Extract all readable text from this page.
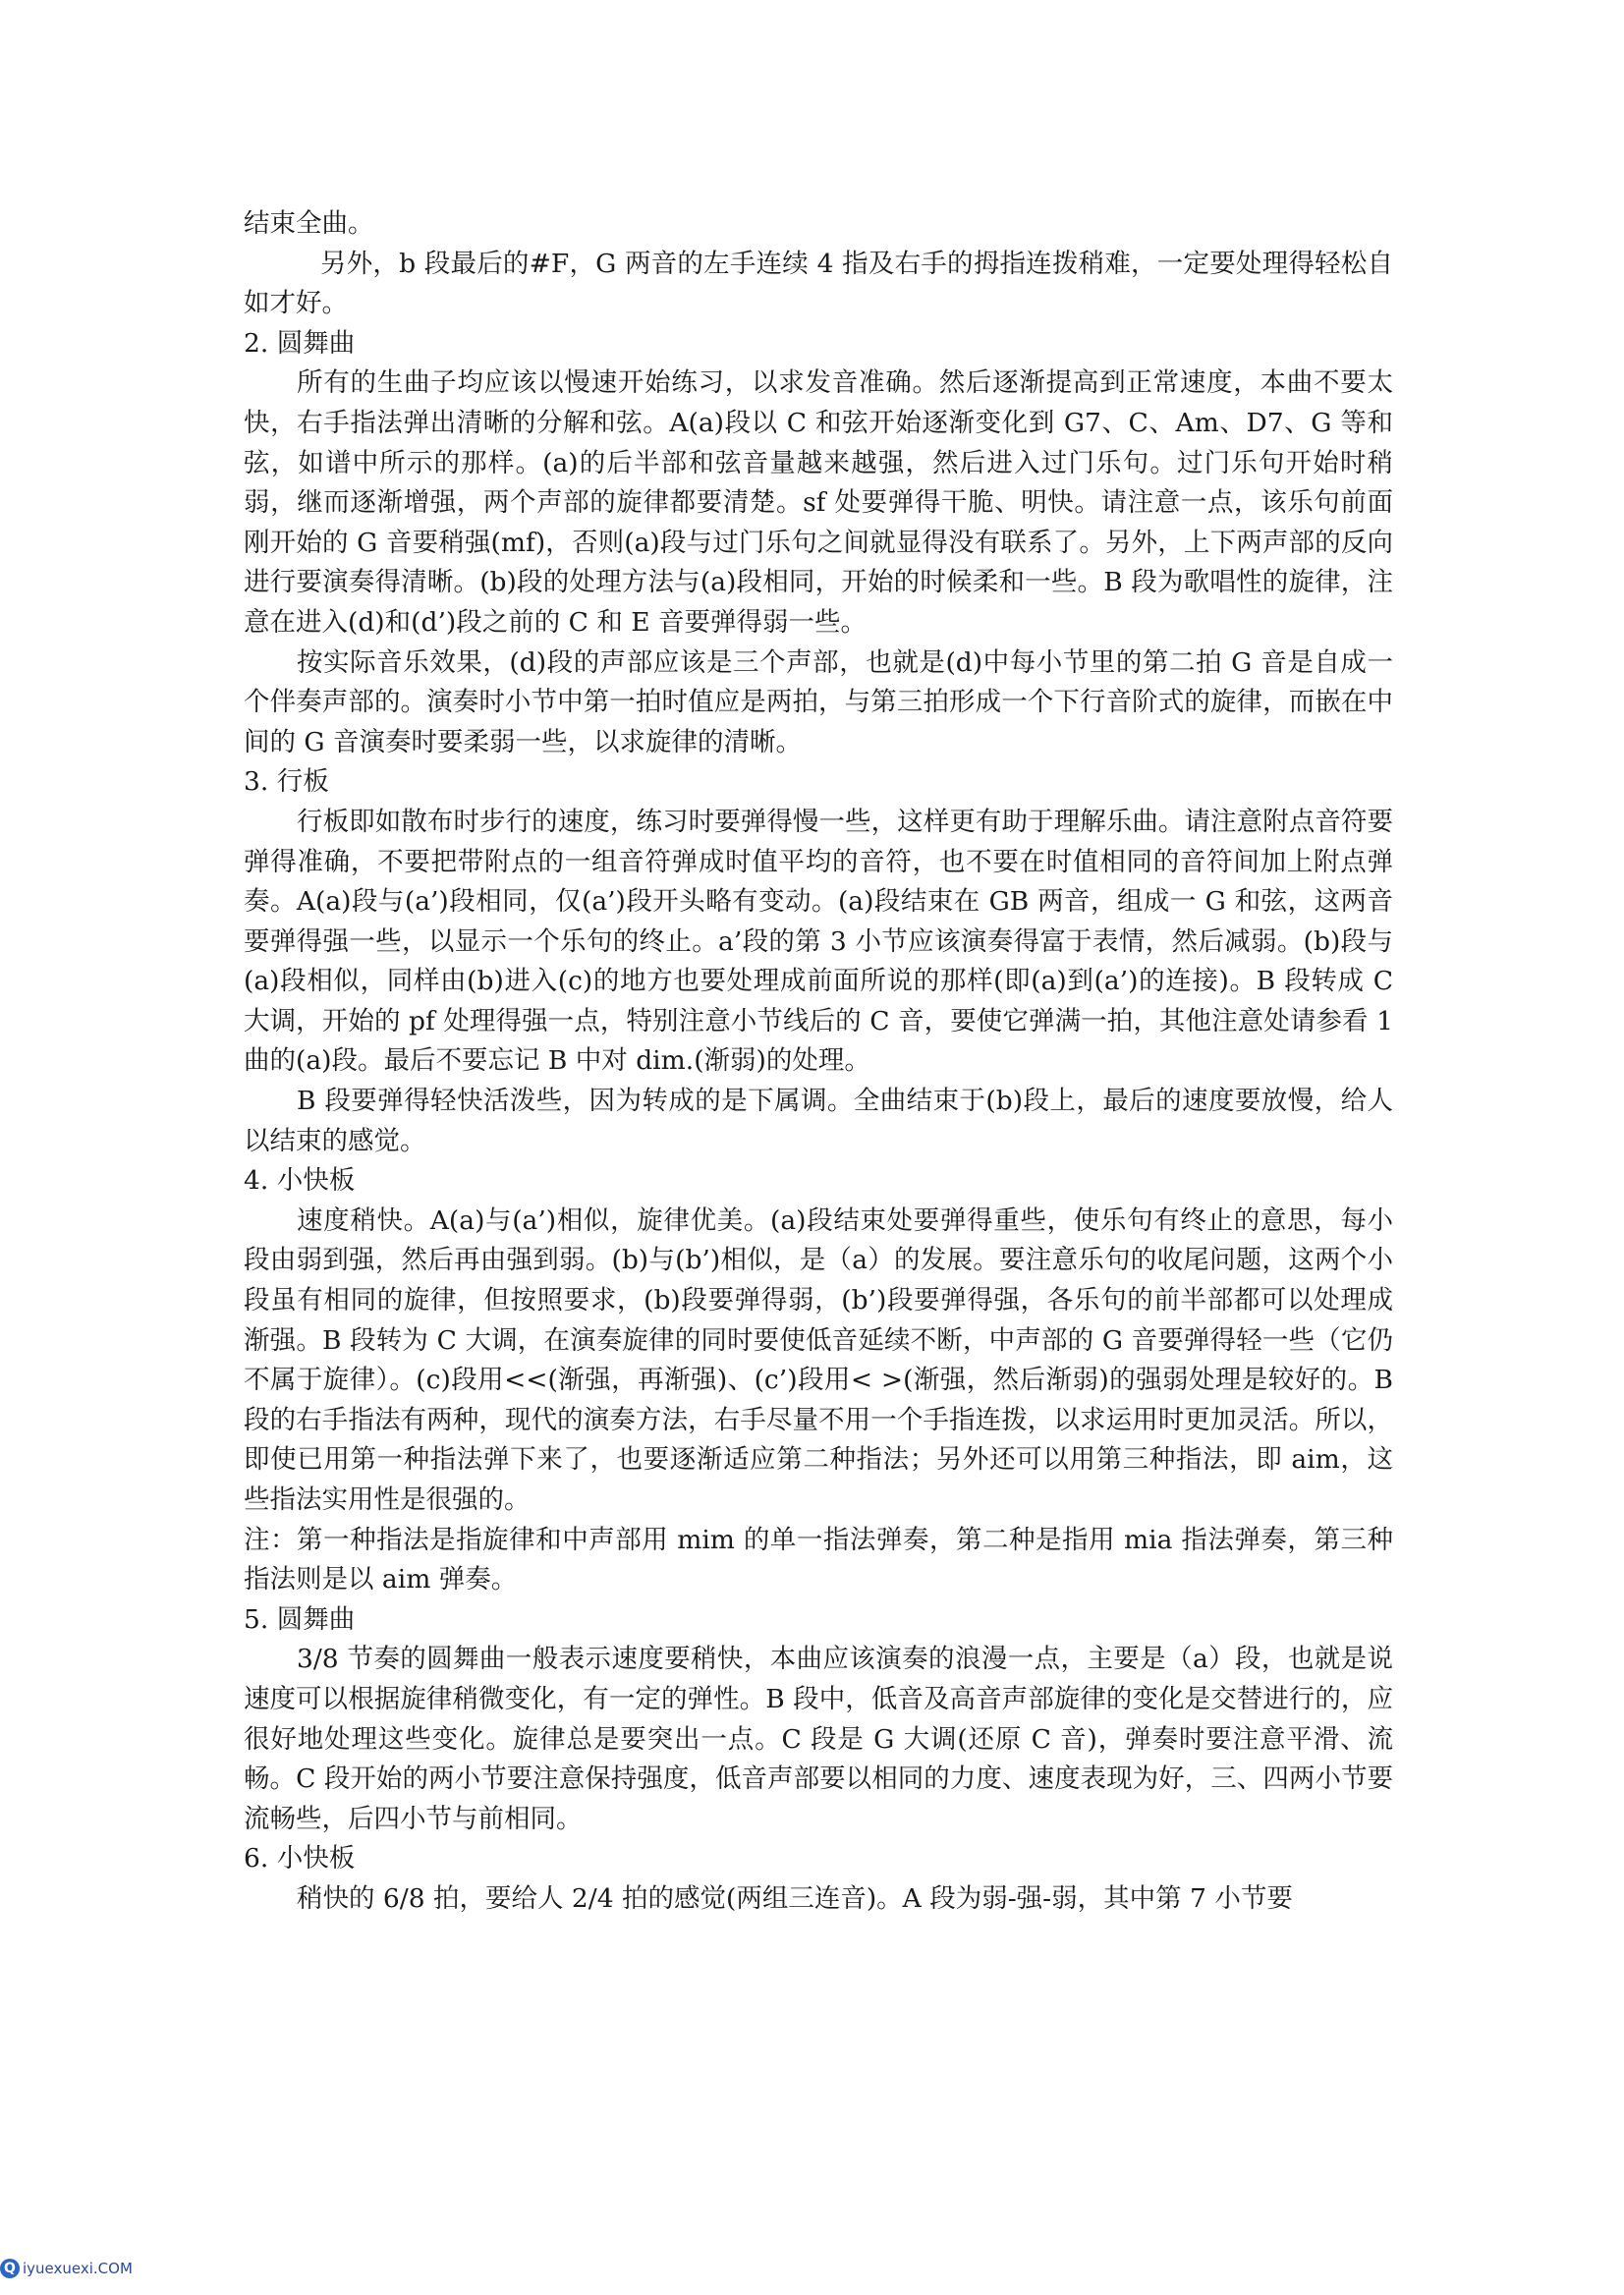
结束全曲。

另外，b 段最后的#F，G 两音的左手连续 4 指及右手的拇指连拨稍难，一定要处理得轻松自如才好。

2. 圆舞曲

所有的生曲子均应该以慢速开始练习，以求发音准确。然后逐渐提高到正常速度，本曲不要太快，右手指法弹出清晰的分解和弦。A(a)段以 C 和弦开始逐渐变化到 G7、C、Am、D7、G 等和弦，如谱中所示的那样。(a)的后半部和弦音量越来越强，然后进入过门乐句。过门乐句开始时稍弱，继而逐渐增强，两个声部的旋律都要清楚。sf 处要弹得干脆、明快。请注意一点，该乐句前面刚开始的 G 音要稍强(mf)，否则(a)段与过门乐句之间就显得没有联系了。另外，上下两声部的反向进行要演奏得清晰。(b)段的处理方法与(a)段相同，开始的时候柔和一些。B 段为歌唱性的旋律，注意在进入(d)和(d’)段之前的 C 和 E 音要弹得弱一些。

按实际音乐效果，(d)段的声部应该是三个声部，也就是(d)中每小节里的第二拍 G 音是自成一个伴奏声部的。演奏时小节中第一拍时值应是两拍，与第三拍形成一个下行音阶式的旋律，而嵌在中间的 G 音演奏时要柔弱一些，以求旋律的清晰。

3. 行板

行板即如散布时步行的速度，练习时要弹得慢一些，这样更有助于理解乐曲。请注意附点音符要弹得准确，不要把带附点的一组音符弹成时值平均的音符，也不要在时值相同的音符间加上附点弹奏。A(a)段与(a’)段相同，仅(a’)段开头略有变动。(a)段结束在 GB 两音，组成一 G 和弦，这两音要弹得强一些，以显示一个乐句的终止。a’段的第 3 小节应该演奏得富于表情，然后减弱。(b)段与(a)段相似，同样由(b)进入(c)的地方也要处理成前面所说的那样(即(a)到(a’)的连接)。B 段转成 C 大调，开始的 pf 处理得强一点，特别注意小节线后的 C 音，要使它弹满一拍，其他注意处请参看 1 曲的(a)段。最后不要忘记 B 中对 dim.(渐弱)的处理。

B 段要弹得轻快活泼些，因为转成的是下属调。全曲结束于(b)段上，最后的速度要放慢，给人以结束的感觉。

4. 小快板

速度稍快。A(a)与(a’)相似，旋律优美。(a)段结束处要弹得重些，使乐句有终止的意思，每小段由弱到强，然后再由强到弱。(b)与(b’)相似，是（a）的发展。要注意乐句的收尾问题，这两个小段虽有相同的旋律，但按照要求，(b)段要弹得弱，(b’)段要弹得强，各乐句的前半部都可以处理成渐强。B 段转为 C 大调，在演奏旋律的同时要使低音延续不断，中声部的 G 音要弹得轻一些（它仍不属于旋律）。(c)段用<<(渐强，再渐强)、(c’)段用< >(渐强，然后渐弱)的强弱处理是较好的。B 段的右手指法有两种，现代的演奏方法，右手尽量不用一个手指连拨，以求运用时更加灵活。所以，即使已用第一种指法弹下来了，也要逐渐适应第二种指法；另外还可以用第三种指法，即 aim，这些指法实用性是很强的。

注：第一种指法是指旋律和中声部用 mim 的单一指法弹奏，第二种是指用 mia 指法弹奏，第三种指法则是以 aim 弹奏。

5. 圆舞曲

3/8 节奏的圆舞曲一般表示速度要稍快，本曲应该演奏的浪漫一点，主要是（a）段，也就是说速度可以根据旋律稍微变化，有一定的弹性。B 段中，低音及高音声部旋律的变化是交替进行的，应很好地处理这些变化。旋律总是要突出一点。C 段是 G 大调(还原 C 音)，弹奏时要注意平滑、流畅。C 段开始的两小节要注意保持强度，低音声部要以相同的力度、速度表现为好，三、四两小节要流畅些，后四小节与前相同。

6. 小快板

稍快的 6/8 拍，要给人 2/4 拍的感觉(两组三连音)。A 段为弱-强-弱，其中第 7 小节要

Q iyuexuexi.COM
